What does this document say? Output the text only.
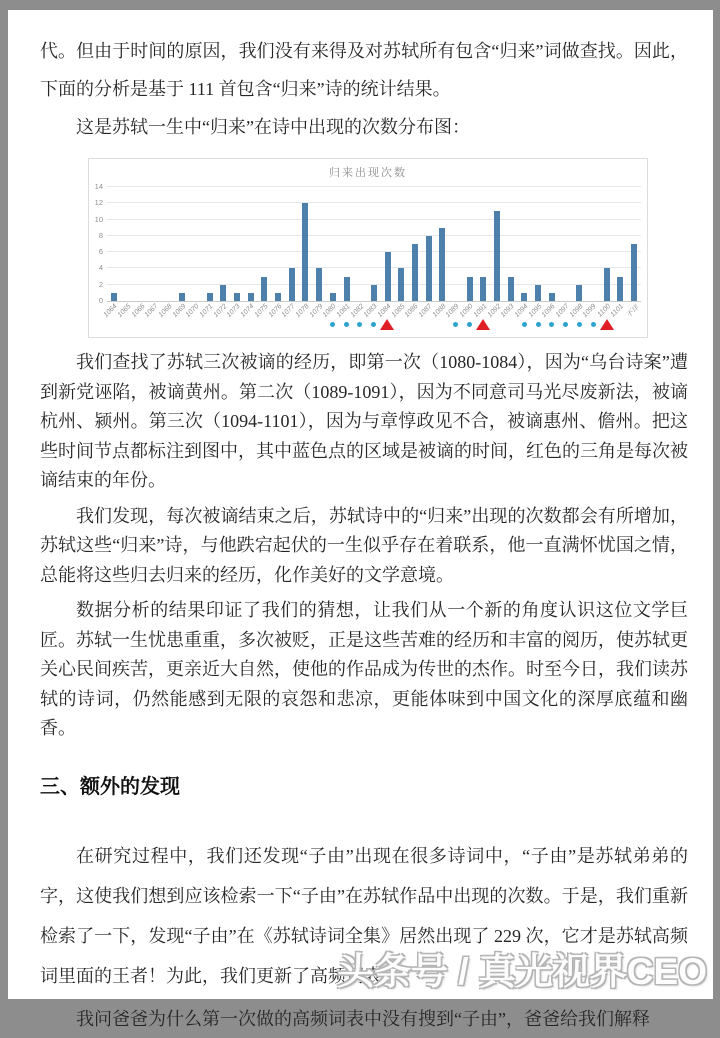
代。但由于时间的原因，我们没有来得及对苏轼所有包含“归来”词做查找。因此，下面的分析是基于 111 首包含“归来”诗的统计结果。

这是苏轼一生中“归来”在诗中出现的次数分布图：

归来出现次数
0
2
4
6
8
10
12
14
1064
1065
1066
1067
1068
1069
1070
1071
1072
1073
1074
1075
1076
1077
1078
1079
1080
1081
1082
1083
1084
1085
1086
1087
1088
1089
1090
1091
1092
1093
1094
1095
1096
1097
1098
1099
1100
1101 不详

我们查找了苏轼三次被谪的经历，即第一次（1080-1084），因为“乌台诗案”遭到新党诬陷，被谪黄州。第二次（1089-1091），因为不同意司马光尽废新法，被谪杭州、颍州。第三次（1094-1101），因为与章惇政见不合，被谪惠州、儋州。把这些时间节点都标注到图中，其中蓝色点的区域是被谪的时间，红色的三角是每次被谪结束的年份。

我们发现，每次被谪结束之后，苏轼诗中的“归来”出现的次数都会有所增加，苏轼这些“归来”诗，与他跌宕起伏的一生似乎存在着联系，他一直满怀忧国之情，总能将这些归去归来的经历，化作美好的文学意境。

数据分析的结果印证了我们的猜想，让我们从一个新的角度认识这位文学巨匠。苏轼一生忧患重重，多次被贬，正是这些苦难的经历和丰富的阅历，使苏轼更关心民间疾苦，更亲近大自然，使他的作品成为传世的杰作。时至今日，我们读苏轼的诗词，仍然能感到无限的哀怨和悲凉，更能体味到中国文化的深厚底蕴和幽香。

三、额外的发现

在研究过程中，我们还发现“子由”出现在很多诗词中，“子由”是苏轼弟弟的字，这使我们想到应该检索一下“子由”在苏轼作品中出现的次数。于是，我们重新检索了一下，发现“子由”在《苏轼诗词全集》居然出现了 229 次，它才是苏轼高频词里面的王者！为此，我们更新了高频词表。

我问爸爸为什么第一次做的高频词表中没有搜到“子由”，爸爸给我们解释

头条号 / 真光视界CEO
